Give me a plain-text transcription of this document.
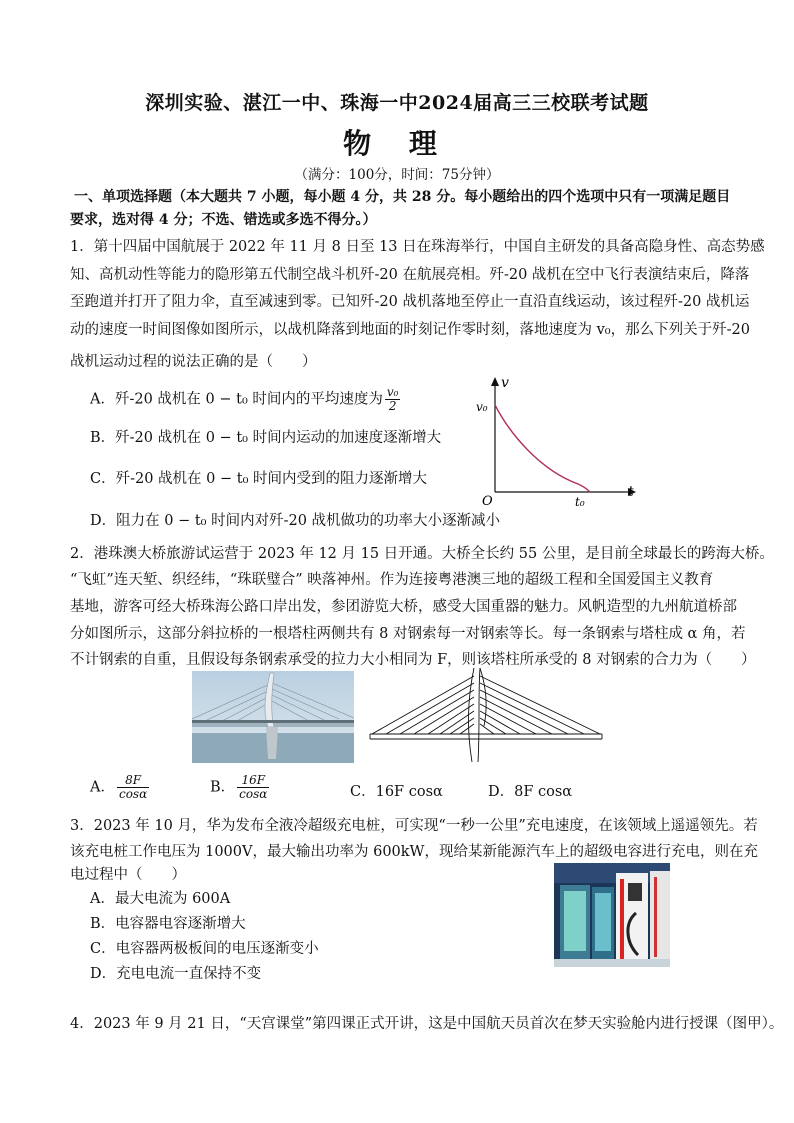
深圳实验、湛江一中、珠海一中2024届高三三校联考试题
物 理
（满分：100分，时间：75分钟）
一、单项选择题（本大题共 7 小题，每小题 4 分，共 28 分。每小题给出的四个选项中只有一项满足题目
要求，选对得 4 分；不选、错选或多选不得分。）
1．第十四届中国航展于 2022 年 11 月 8 日至 13 日在珠海举行，中国自主研发的具备高隐身性、高态势感
知、高机动性等能力的隐形第五代制空战斗机歼-20 在航展亮相。歼-20 战机在空中飞行表演结束后，降落
至跑道并打开了阻力伞，直至减速到零。已知歼-20 战机落地至停止一直沿直线运动，该过程歼-20 战机运
动的速度一时间图像如图所示，以战机降落到地面的时刻记作零时刻，落地速度为 v₀，那么下列关于歼-20
战机运动过程的说法正确的是（　　）
A．歼-20 战机在 0 − t₀ 时间内的平均速度为 $\frac{\text{v₀}}{2}$
B．歼-20 战机在 0 − t₀ 时间内运动的加速度逐渐增大
C．歼-20 战机在 0 − t₀ 时间内受到的阻力逐渐增大
D．阻力在 0 − t₀ 时间内对歼-20 战机做功的功率大小逐渐减小
v
t
O
v₀
t₀
2．港珠澳大桥旅游试运营于 2023 年 12 月 15 日开通。大桥全长约 55 公里，是目前全球最长的跨海大桥。
“飞虹”连天堑、织经纬，“珠联璧合” 映落神州。作为连接粤港澳三地的超级工程和全国爱国主义教育
基地，游客可经大桥珠海公路口岸出发，参团游览大桥，感受大国重器的魅力。风帆造型的九州航道桥部
分如图所示，这部分斜拉桥的一根塔柱两侧共有 8 对钢索每一对钢索等长。每一条钢索与塔柱成 α 角，若
不计钢索的自重，且假设每条钢索承受的拉力大小相同为 F，则该塔柱所承受的 8 对钢索的合力为（　　）
A． $\frac{8F}{\cos\alpha}$	B． $\frac{16F}{\cos\alpha}$	C．16F cosα	D．8F cosα
3．2023 年 10 月，华为发布全液冷超级充电桩，可实现“一秒一公里”充电速度，在该领域上遥遥领先。若
该充电桩工作电压为 1000V，最大输出功率为 600kW，现给某新能源汽车上的超级电容进行充电，则在充
电过程中（　　）
A．最大电流为 600A
B．电容器电容逐渐增大
C．电容器两极板间的电压逐渐变小
D．充电电流一直保持不变
4．2023 年 9 月 21 日，“天宫课堂”第四课正式开讲，这是中国航天员首次在梦天实验舱内进行授课（图甲）。
